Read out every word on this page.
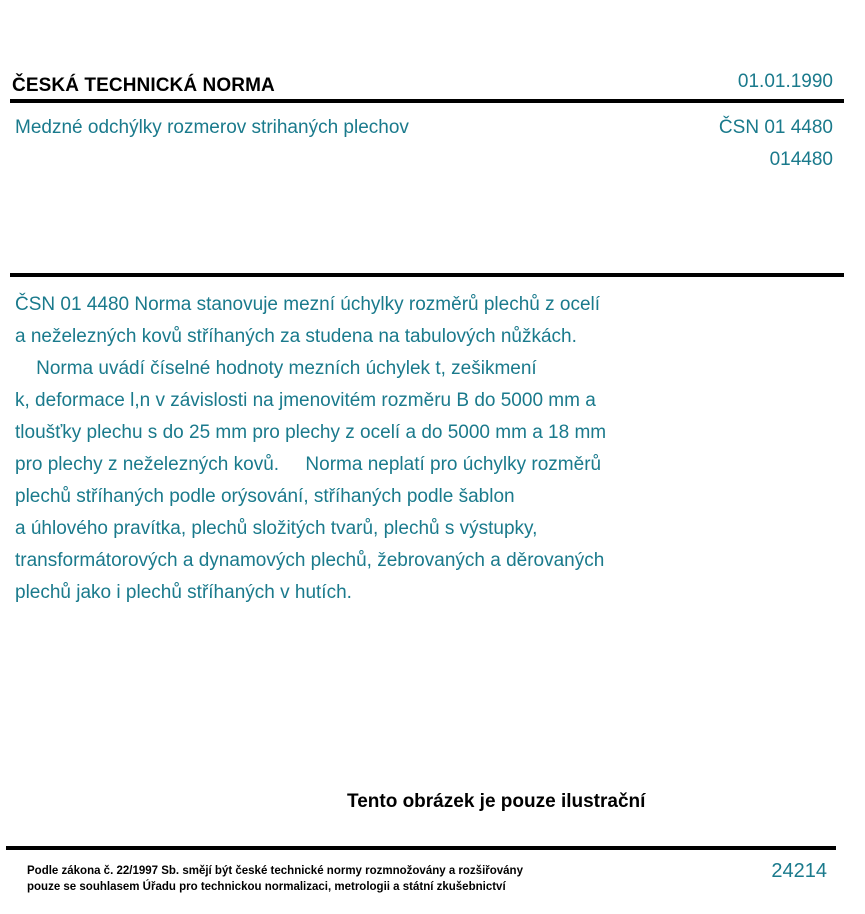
ČESKÁ TECHNICKÁ NORMA	01.01.1990
Medzné odchýlky rozmerov strihaných plechov	ČSN 01 4480
014480
ČSN 01 4480 Norma stanovuje mezní úchylky rozměrů plechů z ocelí
a neželezných kovů stříhaných za studena na tabulových nůžkách.
Norma uvádí číselné hodnoty mezních úchylek t, zešikmení
k, deformace l,n v závislosti na jmenovitém rozměru B do 5000 mm a
tloušťky plechu s do 25 mm pro plechy z ocelí a do 5000 mm a 18 mm
pro plechy z neželezných kovů.     Norma neplatí pro úchylky rozměrů
plechů stříhaných podle orýsování, stříhaných podle šablon
a úhlového pravítka, plechů složitých tvarů, plechů s výstupky,
transformátorových a dynamových plechů, žebrovaných a děrovaných
plechů jako i plechů stříhaných v hutích.
Tento obrázek je pouze ilustrační
Podle zákona č. 22/1997 Sb. smějí být české technické normy rozmnožovány a rozšiřovány
pouze se souhlasem Úřadu pro technickou normalizaci, metrologii a státní zkušebnictví
24214
